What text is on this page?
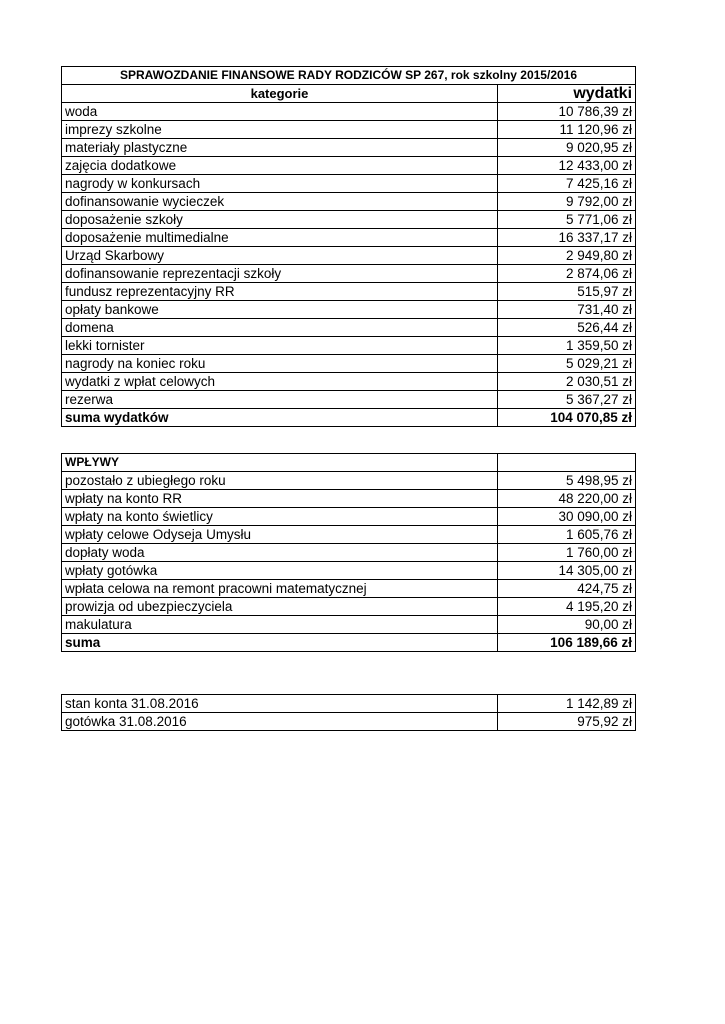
SPRAWOZDANIE FINANSOWE RADY RODZICÓW SP 267, rok szkolny 2015/2016	
kategorie	wydatki
woda	10 786,39 zł
imprezy szkolne	11 120,96 zł
materiały plastyczne	9 020,95 zł
zajęcia dodatkowe	12 433,00 zł
nagrody w konkursach	7 425,16 zł
dofinansowanie wycieczek	9 792,00 zł
doposażenie szkoły	5 771,06 zł
doposażenie multimedialne	16 337,17 zł
Urząd Skarbowy	2 949,80 zł
dofinansowanie reprezentacji szkoły	2 874,06 zł
fundusz reprezentacyjny RR	515,97 zł
opłaty bankowe	731,40 zł
domena	526,44 zł
lekki tornister	1 359,50 zł
nagrody na koniec roku	5 029,21 zł
wydatki z wpłat celowych	2 030,51 zł
rezerwa	5 367,27 zł
suma wydatków	104 070,85 zł
WPŁYWY	
pozostało z ubiegłego roku	5 498,95 zł
wpłaty na konto RR	48 220,00 zł
wpłaty na konto świetlicy	30 090,00 zł
wpłaty celowe Odyseja Umysłu	1 605,76 zł
dopłaty woda	1 760,00 zł
wpłaty gotówka	14 305,00 zł
wpłata celowa na remont pracowni matematycznej	424,75 zł
prowizja od ubezpieczyciela	4 195,20 zł
makulatura	90,00 zł
suma	106 189,66 zł
stan konta 31.08.2016	1 142,89 zł
gotówka 31.08.2016	975,92 zł
